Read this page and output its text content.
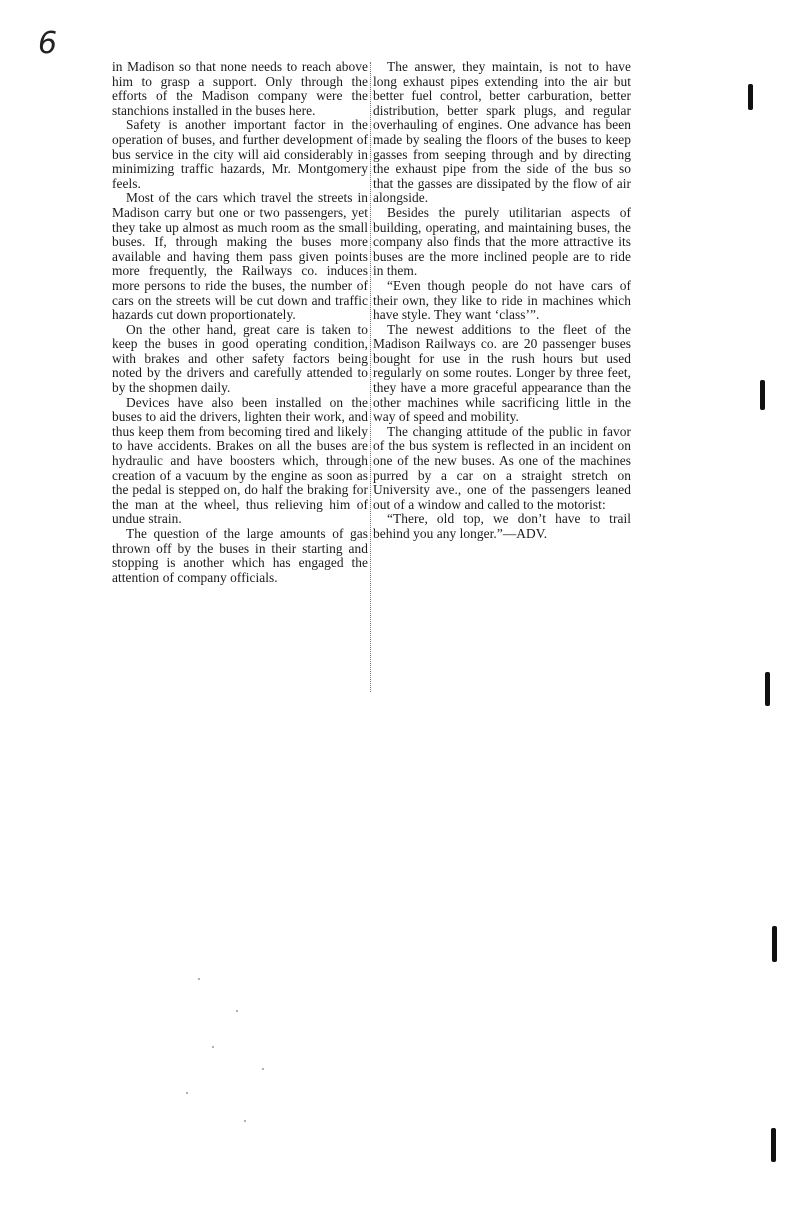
6

in Madison so that none needs to reach above him to grasp a support. Only through the efforts of the Madison company were the stanchions installed in the buses here.

Safety is another important factor in the operation of buses, and further development of bus service in the city will aid considerably in minimizing traffic hazards, Mr. Montgomery feels.

Most of the cars which travel the streets in Madison carry but one or two passengers, yet they take up almost as much room as the small buses. If, through making the buses more available and having them pass given points more frequently, the Railways co. induces more persons to ride the buses, the number of cars on the streets will be cut down and traffic hazards cut down proportionately.

On the other hand, great care is taken to keep the buses in good operating condition, with brakes and other safety factors being noted by the drivers and carefully attended to by the shopmen daily.

Devices have also been installed on the buses to aid the drivers, lighten their work, and thus keep them from becoming tired and likely to have accidents. Brakes on all the buses are hydraulic and have boosters which, through creation of a vacuum by the engine as soon as the pedal is stepped on, do half the braking for the man at the wheel, thus relieving him of undue strain.

The question of the large amounts of gas thrown off by the buses in their starting and stopping is another which has engaged the attention of company officials.

The answer, they maintain, is not to have long exhaust pipes extending into the air but better fuel control, better carburation, better distribution, better spark plugs, and regular overhauling of engines. One advance has been made by sealing the floors of the buses to keep gasses from seeping through and by directing the exhaust pipe from the side of the bus so that the gasses are dissipated by the flow of air alongside.

Besides the purely utilitarian aspects of building, operating, and maintaining buses, the company also finds that the more attractive its buses are the more inclined people are to ride in them.

“Even though people do not have cars of their own, they like to ride in machines which have style. They want ‘class’”.

The newest additions to the fleet of the Madison Railways co. are 20 passenger buses bought for use in the rush hours but used regularly on some routes. Longer by three feet, they have a more graceful appearance than the other machines while sacrificing little in the way of speed and mobility.

The changing attitude of the public in favor of the bus system is reflected in an incident on one of the new buses. As one of the machines purred by a car on a straight stretch on University ave., one of the passengers leaned out of a window and called to the motorist:

“There, old top, we don’t have to trail behind you any longer.”—ADV.
